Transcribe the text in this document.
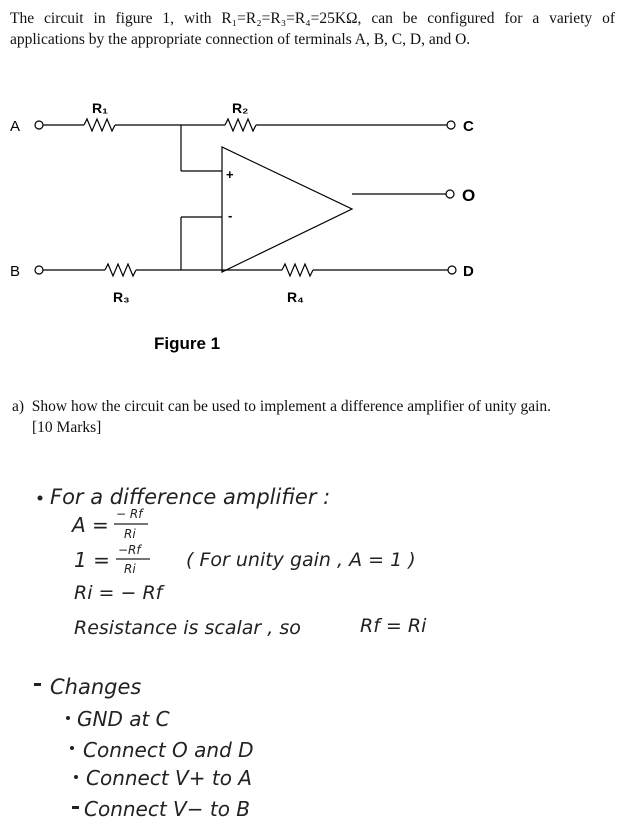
The circuit in figure 1, with R₁=R₂=R₃=R₄=25KΩ, can be configured for a variety of applications by the appropriate connection of terminals A, B, C, D, and O.
+
-
A
B
C
O
D
R₁	R₂
R₃	R₄
Figure 1
a) Show how the circuit can be used to implement a difference amplifier of unity gain.
[10 Marks]
For a difference amplifier :
A = − Rf
Ri
1 = −Rf
Ri	( For unity gain , A = 1 )
Ri = − Rf
Resistance is scalar , so	Rf = Ri
Changes
GND at C
Connect O and D
Connect V+ to A
Connect V− to B
